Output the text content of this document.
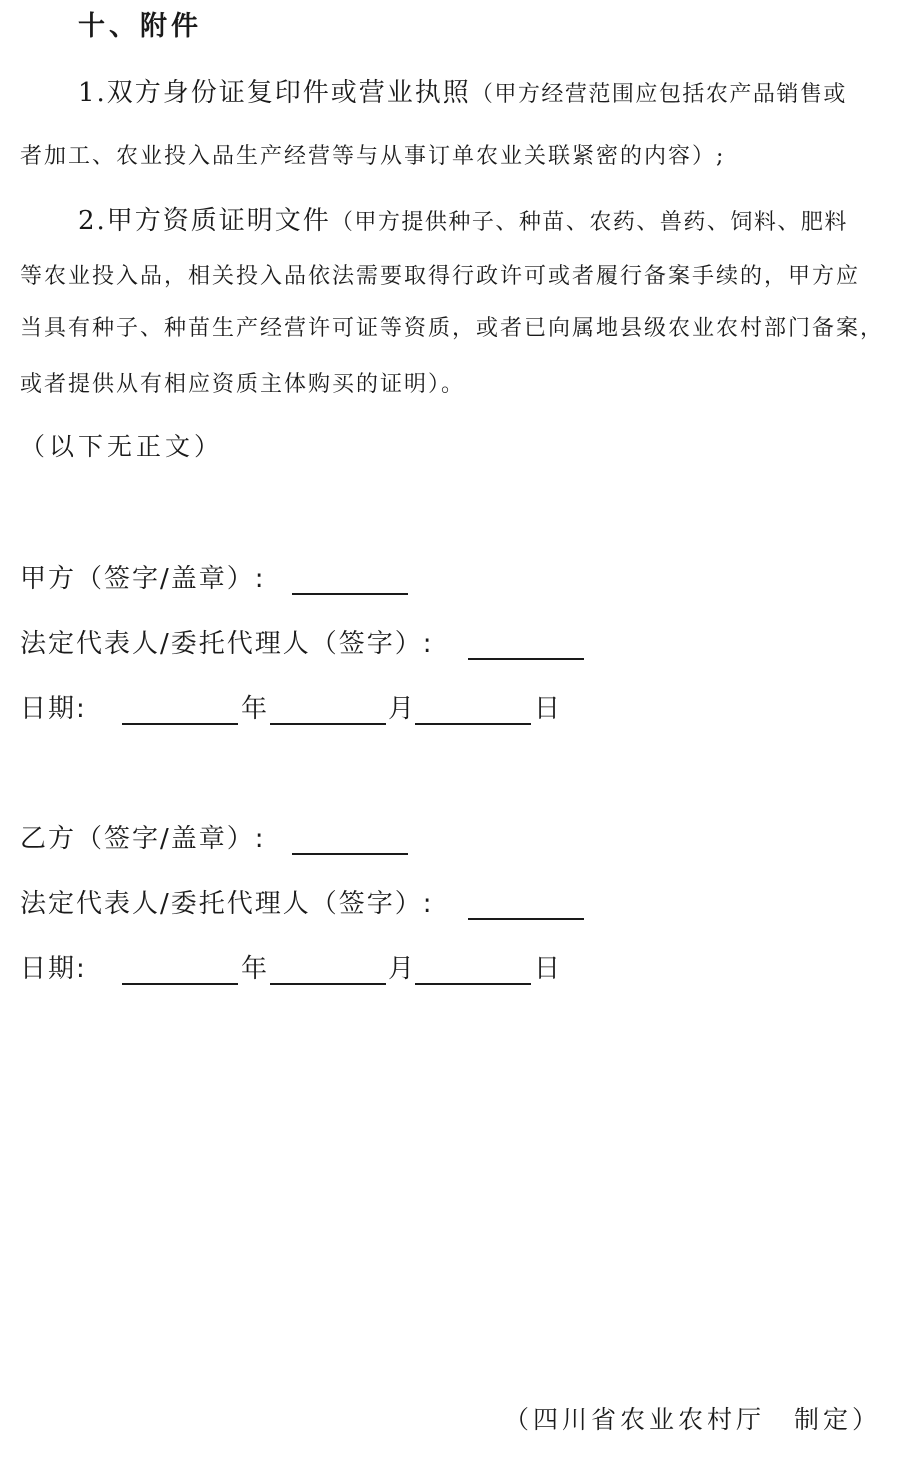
十、附件
1.双方身份证复印件或营业执照（甲方经营范围应包括农产品销售或
者加工、农业投入品生产经营等与从事订单农业关联紧密的内容）;
2.甲方资质证明文件（甲方提供种子、种苗、农药、兽药、饲料、肥料
等农业投入品，相关投入品依法需要取得行政许可或者履行备案手续的，甲方应
当具有种子、种苗生产经营许可证等资质，或者已向属地县级农业农村部门备案，
或者提供从有相应资质主体购买的证明）。
（以下无正文）
甲方（签字/盖章）:
法定代表人/委托代理人（签字）:
日期:	年	月	日
乙方（签字/盖章）:
法定代表人/委托代理人（签字）:
日期:	年	月	日
（四川省农业农村厅　制定）
